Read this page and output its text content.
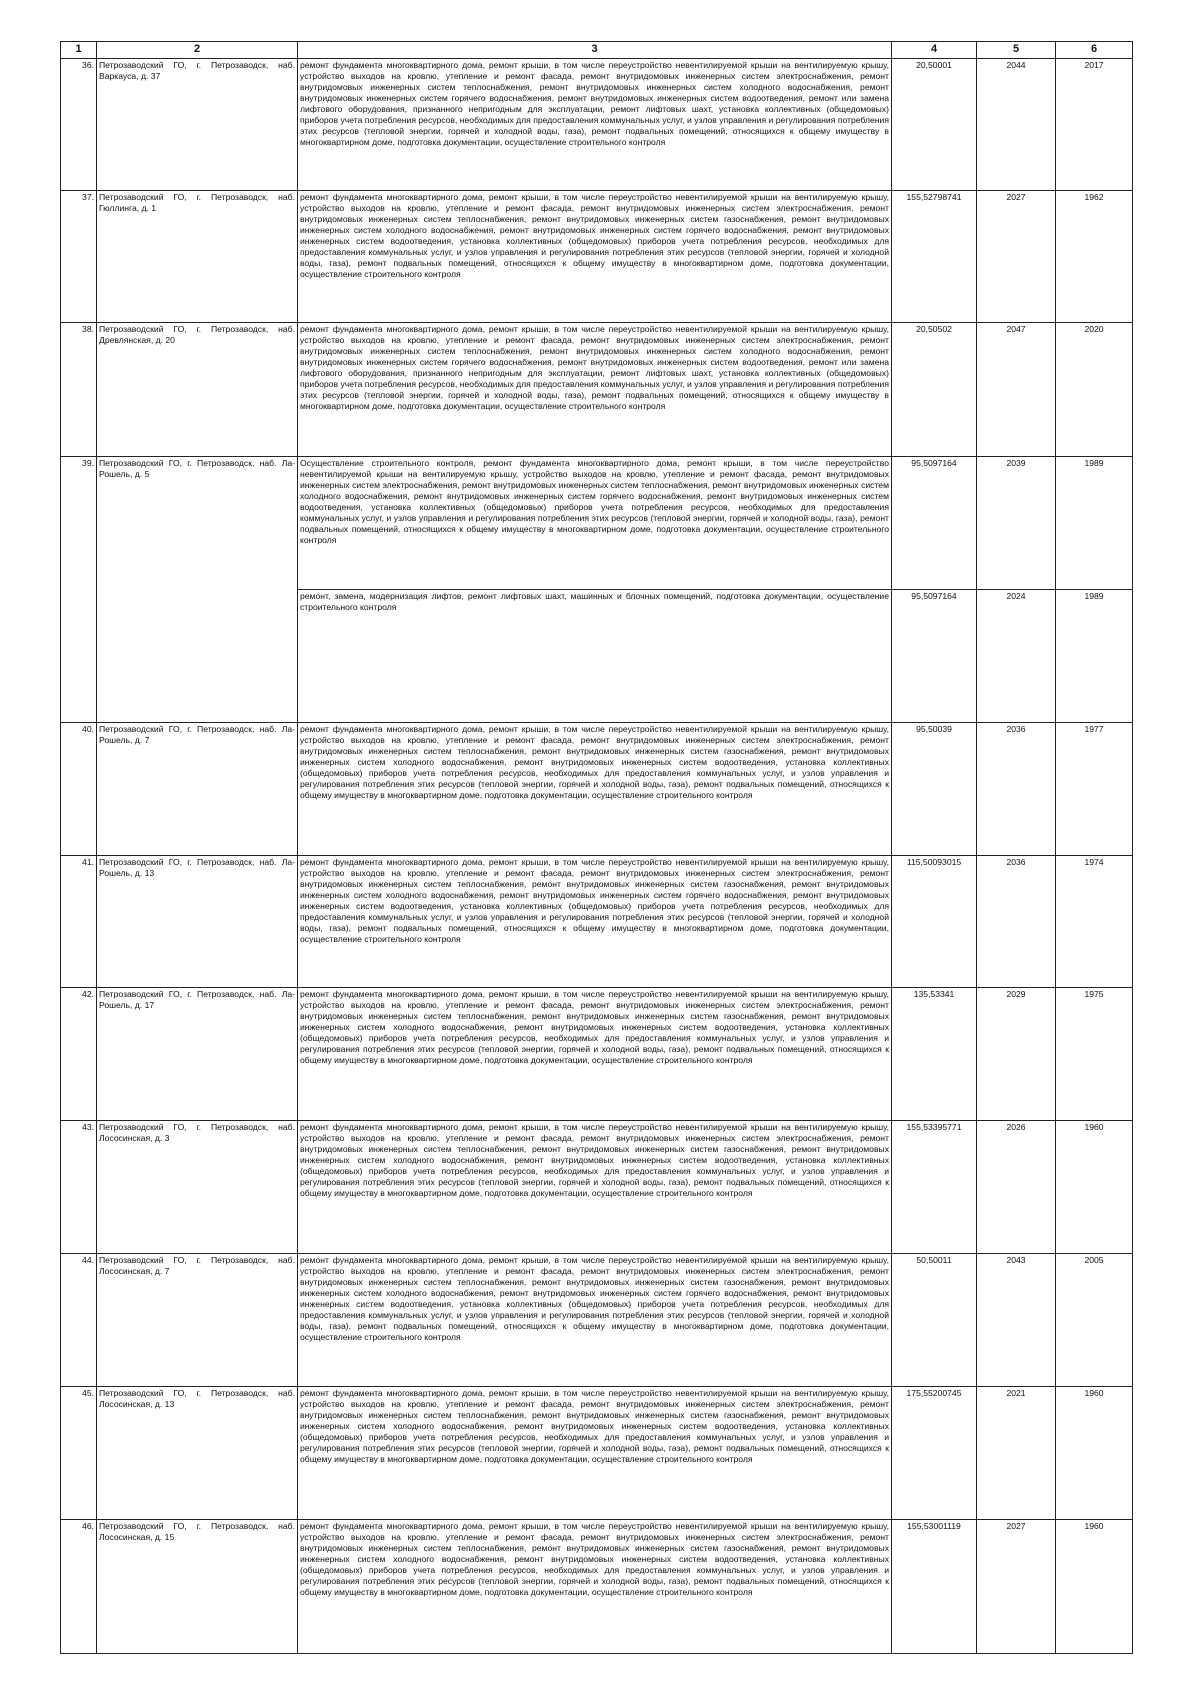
1	2	3	4	5	6
36.	Петрозаводский ГО, г. Петрозаводск, наб. Варкауса, д. 37	ремонт фундамента многоквартирного дома, ремонт крыши, в том числе переустройство невентилируемой крыши на вентилируемую крышу, устройство выходов на кровлю, утепление и ремонт фасада, ремонт внутридомовых инженерных систем электроснабжения, ремонт внутридомовых инженерных систем теплоснабжения, ремонт внутридомовых инженерных систем холодного водоснабжения, ремонт внутридомовых инженерных систем горячего водоснабжения, ремонт внутридомовых инженерных систем водоотведения, ремонт или замена лифтового оборудования, признанного непригодным для эксплуатации, ремонт лифтовых шахт, установка коллективных (общедомовых) приборов учета потребления ресурсов, необходимых для предоставления коммунальных услуг, и узлов управления и регулирования потребления этих ресурсов (тепловой энергии, горячей и холодной воды, газа), ремонт подвальных помещений, относящихся к общему имуществу в многоквартирном доме, подготовка документации, осуществление строительного контроля	20,50001	2044	2017
37.	Петрозаводский ГО, г. Петрозаводск, наб. Гюллинга, д. 1	ремонт фундамента многоквартирного дома, ремонт крыши, в том числе переустройство невентилируемой крыши на вентилируемую крышу, устройство выходов на кровлю, утепление и ремонт фасада, ремонт внутридомовых инженерных систем электроснабжения, ремонт внутридомовых инженерных систем теплоснабжения, ремонт внутридомовых инженерных систем газоснабжения, ремонт внутридомовых инженерных систем холодного водоснабжения, ремонт внутридомовых инженерных систем горячего водоснабжения, ремонт внутридомовых инженерных систем водоотведения, установка коллективных (общедомовых) приборов учета потребления ресурсов, необходимых для предоставления коммунальных услуг, и узлов управления и регулирования потребления этих ресурсов (тепловой энергии, горячей и холодной воды, газа), ремонт подвальных помещений, относящихся к общему имуществу в многоквартирном доме, подготовка документации, осуществление строительного контроля	155,52798741	2027	1962
38.	Петрозаводский ГО, г. Петрозаводск, наб. Древлянская, д. 20	ремонт фундамента многоквартирного дома, ремонт крыши, в том числе переустройство невентилируемой крыши на вентилируемую крышу, устройство выходов на кровлю, утепление и ремонт фасада, ремонт внутридомовых инженерных систем электроснабжения, ремонт внутридомовых инженерных систем теплоснабжения, ремонт внутридомовых инженерных систем холодного водоснабжения, ремонт внутридомовых инженерных систем горячего водоснабжения, ремонт внутридомовых инженерных систем водоотведения, ремонт или замена лифтового оборудования, признанного непригодным для эксплуатации, ремонт лифтовых шахт, установка коллективных (общедомовых) приборов учета потребления ресурсов, необходимых для предоставления коммунальных услуг, и узлов управления и регулирования потребления этих ресурсов (тепловой энергии, горячей и холодной воды, газа), ремонт подвальных помещений, относящихся к общему имуществу в многоквартирном доме, подготовка документации, осуществление строительного контроля	20,50502	2047	2020
39.	Петрозаводский ГО, г. Петрозаводск, наб. Ла-Рошель, д. 5	Осуществление строительного контроля, ремонт фундамента многоквартирного дома, ремонт крыши, в том числе переустройство невентилируемой крыши на вентилируемую крышу, устройство выходов на кровлю, утепление и ремонт фасада, ремонт внутридомовых инженерных систем электроснабжения, ремонт внутридомовых инженерных систем теплоснабжения, ремонт внутридомовых инженерных систем холодного водоснабжения, ремонт внутридомовых инженерных систем горячего водоснабжения, ремонт внутридомовых инженерных систем водоотведения, установка коллективных (общедомовых) приборов учета потребления ресурсов, необходимых для предоставления коммунальных услуг, и узлов управления и регулирования потребления этих ресурсов (тепловой энергии, горячей и холодной воды, газа), ремонт подвальных помещений, относящихся к общему имуществу в многоквартирном доме, подготовка документации, осуществление строительного контроля	95,5097164	2039	1989
		ремонт, замена, модернизация лифтов, ремонт лифтовых шахт, машинных и блочных помещений, подготовка документации, осуществление строительного контроля	95,5097164	2024	1989
40.	Петрозаводский ГО, г. Петрозаводск, наб. Ла-Рошель, д. 7	ремонт фундамента многоквартирного дома, ремонт крыши, в том числе переустройство невентилируемой крыши на вентилируемую крышу, устройство выходов на кровлю, утепление и ремонт фасада, ремонт внутридомовых инженерных систем электроснабжения, ремонт внутридомовых инженерных систем теплоснабжения, ремонт внутридомовых инженерных систем газоснабжения, ремонт внутридомовых инженерных систем холодного водоснабжения, ремонт внутридомовых инженерных систем водоотведения, установка коллективных (общедомовых) приборов учета потребления ресурсов, необходимых для предоставления коммунальных услуг, и узлов управления и регулирования потребления этих ресурсов (тепловой энергии, горячей и холодной воды, газа), ремонт подвальных помещений, относящихся к общему имуществу в многоквартирном доме, подготовка документации, осуществление строительного контроля	95,50039	2036	1977
41.	Петрозаводский ГО, г. Петрозаводск, наб. Ла-Рошель, д. 13	ремонт фундамента многоквартирного дома, ремонт крыши, в том числе переустройство невентилируемой крыши на вентилируемую крышу, устройство выходов на кровлю, утепление и ремонт фасада, ремонт внутридомовых инженерных систем электроснабжения, ремонт внутридомовых инженерных систем теплоснабжения, ремонт внутридомовых инженерных систем газоснабжения, ремонт внутридомовых инженерных систем холодного водоснабжения, ремонт внутридомовых инженерных систем горячего водоснабжения, ремонт внутридомовых инженерных систем водоотведения, установка коллективных (общедомовых) приборов учета потребления ресурсов, необходимых для предоставления коммунальных услуг, и узлов управления и регулирования потребления этих ресурсов (тепловой энергии, горячей и холодной воды, газа), ремонт подвальных помещений, относящихся к общему имуществу в многоквартирном доме, подготовка документации, осуществление строительного контроля	115,50093015	2036	1974
42.	Петрозаводский ГО, г. Петрозаводск, наб. Ла-Рошель, д. 17	ремонт фундамента многоквартирного дома, ремонт крыши, в том числе переустройство невентилируемой крыши на вентилируемую крышу, устройство выходов на кровлю, утепление и ремонт фасада, ремонт внутридомовых инженерных систем электроснабжения, ремонт внутридомовых инженерных систем теплоснабжения, ремонт внутридомовых инженерных систем газоснабжения, ремонт внутридомовых инженерных систем холодного водоснабжения, ремонт внутридомовых инженерных систем водоотведения, установка коллективных (общедомовых) приборов учета потребления ресурсов, необходимых для предоставления коммунальных услуг, и узлов управления и регулирования потребления этих ресурсов (тепловой энергии, горячей и холодной воды, газа), ремонт подвальных помещений, относящихся к общему имуществу в многоквартирном доме, подготовка документации, осуществление строительного контроля	135,53341	2029	1975
43.	Петрозаводский ГО, г. Петрозаводск, наб. Лососинская, д. 3	ремонт фундамента многоквартирного дома, ремонт крыши, в том числе переустройство невентилируемой крыши на вентилируемую крышу, устройство выходов на кровлю, утепление и ремонт фасада, ремонт внутридомовых инженерных систем электроснабжения, ремонт внутридомовых инженерных систем теплоснабжения, ремонт внутридомовых инженерных систем газоснабжения, ремонт внутридомовых инженерных систем холодного водоснабжения, ремонт внутридомовых инженерных систем водоотведения, установка коллективных (общедомовых) приборов учета потребления ресурсов, необходимых для предоставления коммунальных услуг, и узлов управления и регулирования потребления этих ресурсов (тепловой энергии, горячей и холодной воды, газа), ремонт подвальных помещений, относящихся к общему имуществу в многоквартирном доме, подготовка документации, осуществление строительного контроля	155,53395771	2026	1960
44.	Петрозаводский ГО, г. Петрозаводск, наб. Лососинская, д. 7	ремонт фундамента многоквартирного дома, ремонт крыши, в том числе переустройство невентилируемой крыши на вентилируемую крышу, устройство выходов на кровлю, утепление и ремонт фасада, ремонт внутридомовых инженерных систем электроснабжения, ремонт внутридомовых инженерных систем теплоснабжения, ремонт внутридомовых инженерных систем газоснабжения, ремонт внутридомовых инженерных систем холодного водоснабжения, ремонт внутридомовых инженерных систем горячего водоснабжения, ремонт внутридомовых инженерных систем водоотведения, установка коллективных (общедомовых) приборов учета потребления ресурсов, необходимых для предоставления коммунальных услуг, и узлов управления и регулирования потребления этих ресурсов (тепловой энергии, горячей и холодной воды, газа), ремонт подвальных помещений, относящихся к общему имуществу в многоквартирном доме, подготовка документации, осуществление строительного контроля	50,50011	2043	2005
45.	Петрозаводский ГО, г. Петрозаводск, наб. Лососинская, д. 13	ремонт фундамента многоквартирного дома, ремонт крыши, в том числе переустройство невентилируемой крыши на вентилируемую крышу, устройство выходов на кровлю, утепление и ремонт фасада, ремонт внутридомовых инженерных систем электроснабжения, ремонт внутридомовых инженерных систем теплоснабжения, ремонт внутридомовых инженерных систем газоснабжения, ремонт внутридомовых инженерных систем холодного водоснабжения, ремонт внутридомовых инженерных систем водоотведения, установка коллективных (общедомовых) приборов учета потребления ресурсов, необходимых для предоставления коммунальных услуг, и узлов управления и регулирования потребления этих ресурсов (тепловой энергии, горячей и холодной воды, газа), ремонт подвальных помещений, относящихся к общему имуществу в многоквартирном доме, подготовка документации, осуществление строительного контроля	175,55200745	2021	1960
46.	Петрозаводский ГО, г. Петрозаводск, наб. Лососинская, д. 15	ремонт фундамента многоквартирного дома, ремонт крыши, в том числе переустройство невентилируемой крыши на вентилируемую крышу, устройство выходов на кровлю, утепление и ремонт фасада, ремонт внутридомовых инженерных систем электроснабжения, ремонт внутридомовых инженерных систем теплоснабжения, ремонт внутридомовых инженерных систем газоснабжения, ремонт внутридомовых инженерных систем холодного водоснабжения, ремонт внутридомовых инженерных систем водоотведения, установка коллективных (общедомовых) приборов учета потребления ресурсов, необходимых для предоставления коммунальных услуг, и узлов управления и регулирования потребления этих ресурсов (тепловой энергии, горячей и холодной воды, газа), ремонт подвальных помещений, относящихся к общему имуществу в многоквартирном доме, подготовка документации, осуществление строительного контроля	155,53001119	2027	1960
